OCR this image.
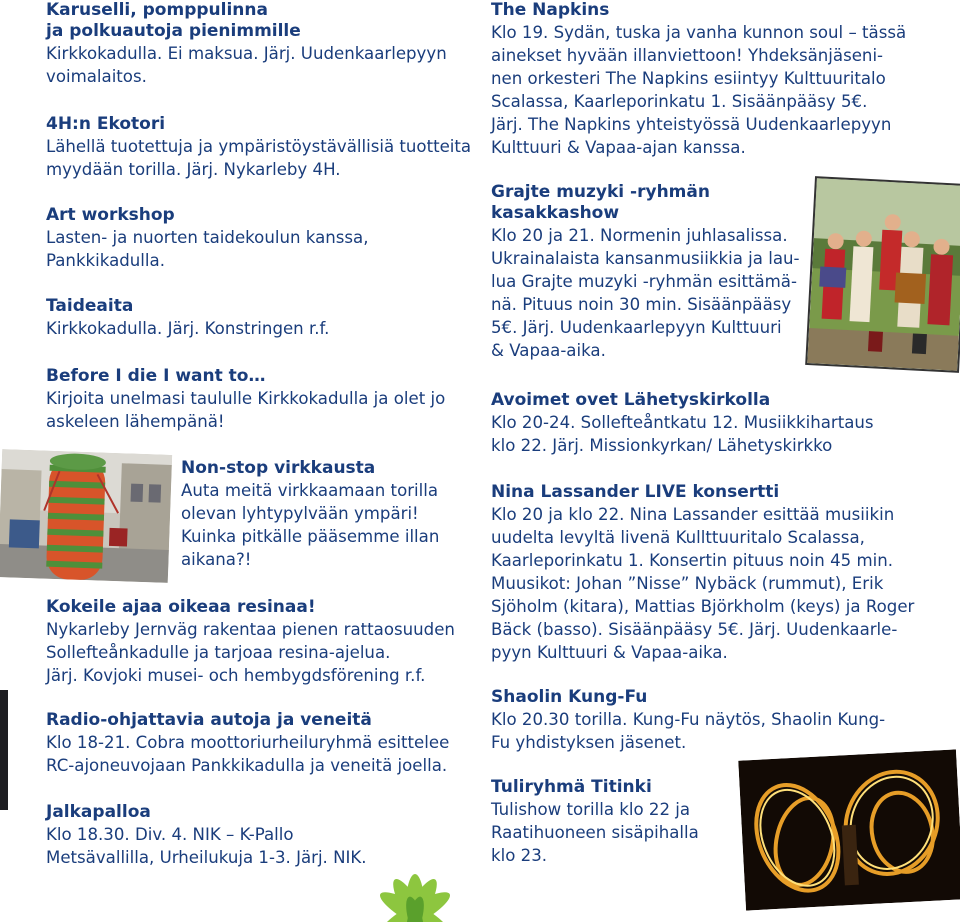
Karuselli, pomppulinna
ja polkuautoja pienimmille
Kirkkokadulla. Ei maksua. Järj. Uudenkaarlepyyn
voimalaitos.
4H:n Ekotori
Lähellä tuotettuja ja ympäristöystävällisiä tuotteita
myydään torilla. Järj. Nykarleby 4H.
Art workshop
Lasten- ja nuorten taidekoulun kanssa,
Pankkikadulla.
Taideaita
Kirkkokadulla. Järj. Konstringen r.f.
Before I die I want to…
Kirjoita unelmasi taululle Kirkkokadulla ja olet jo
askeleen lähempänä!
Non-stop virkkausta
Auta meitä virkkaamaan torilla
olevan lyhtypylvään ympäri!
Kuinka pitkälle pääsemme illan
aikana?!
Kokeile ajaa oikeaa resinaa!
Nykarleby Jernväg rakentaa pienen rattaosuuden
Sollefteånkadulle ja tarjoaa resina-ajelua.
Järj. Kovjoki musei- och hembygdsförening r.f.
Radio-ohjattavia autoja ja veneitä
Klo 18-21. Cobra moottoriurheiluryhmä esittelee
RC-ajoneuvojaan Pankkikadulla ja veneitä joella.
Jalkapalloa
Klo 18.30. Div. 4. NIK – K-Pallo
Metsävallilla, Urheilukuja 1-3. Järj. NIK.
The Napkins
Klo 19. Sydän, tuska ja vanha kunnon soul – tässä
ainekset hyvään illanviettoon! Yhdeksänjäseni-
nen orkesteri The Napkins esiintyy Kulttuuritalo
Scalassa, Kaarleporinkatu 1. Sisäänpääsy 5€.
Järj. The Napkins yhteistyössä Uudenkaarlepyyn
Kulttuuri & Vapaa-ajan kanssa.
Grajte muzyki -ryhmän
kasakkashow
Klo 20 ja 21. Normenin juhlasalissa.
Ukrainalaista kansanmusiikkia ja lau-
lua Grajte muzyki -ryhmän esittämä-
nä. Pituus noin 30 min. Sisäänpääsy
5€. Järj. Uudenkaarlepyyn Kulttuuri
& Vapaa-aika.
Avoimet ovet Lähetyskirkolla
Klo 20-24. Sollefteåntkatu 12. Musiikkihartaus
klo 22. Järj. Missionkyrkan/ Lähetyskirkko
Nina Lassander LIVE konsertti
Klo 20 ja klo 22. Nina Lassander esittää musiikin
uudelta levyltä livenä Kullttuuritalo Scalassa,
Kaarleporinkatu 1. Konsertin pituus noin 45 min.
Muusikot: Johan ”Nisse” Nybäck (rummut), Erik
Sjöholm (kitara), Mattias Björkholm (keys) ja Roger
Bäck (basso). Sisäänpääsy 5€. Järj. Uudenkaarle-
pyyn Kulttuuri & Vapaa-aika.
Shaolin Kung-Fu
Klo 20.30 torilla. Kung-Fu näytös, Shaolin Kung-
Fu yhdistyksen jäsenet.
Tuliryhmä Titinki
Tulishow torilla klo 22 ja
Raatihuoneen sisäpihalla
klo 23.
